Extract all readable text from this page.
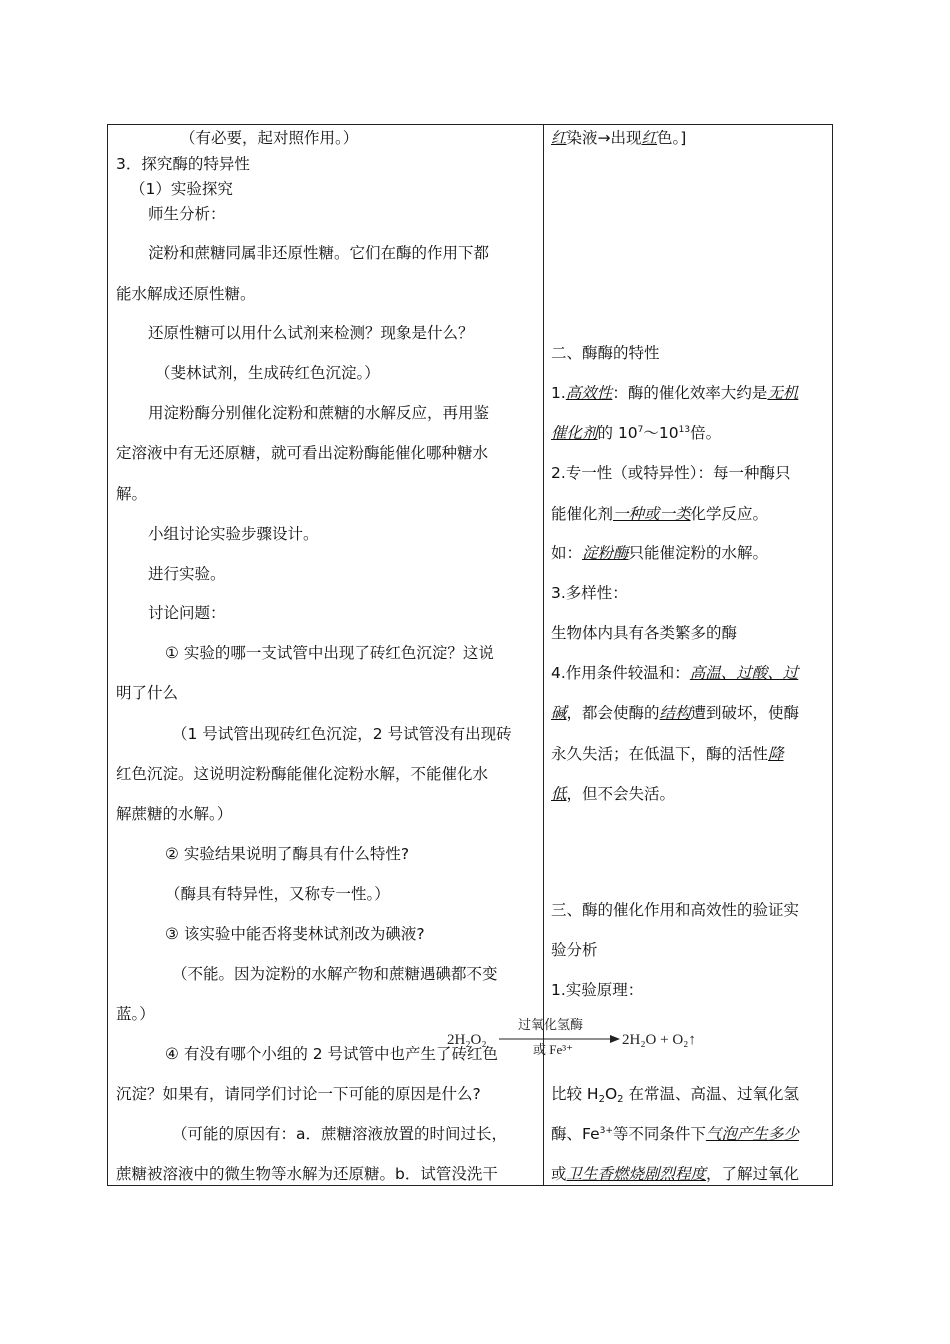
（有必要，起对照作用。）
3．探究酶的特异性
（1）实验探究
师生分析：
淀粉和蔗糖同属非还原性糖。它们在酶的作用下都
能水解成还原性糖。
还原性糖可以用什么试剂来检测？现象是什么？
（斐林试剂，生成砖红色沉淀。）
用淀粉酶分别催化淀粉和蔗糖的水解反应，再用鉴
定溶液中有无还原糖，就可看出淀粉酶能催化哪种糖水
解。
小组讨论实验步骤设计。
进行实验。
讨论问题：
① 实验的哪一支试管中出现了砖红色沉淀？这说
明了什么
（1 号试管出现砖红色沉淀，2 号试管没有出现砖
红色沉淀。这说明淀粉酶能催化淀粉水解，不能催化水
解蔗糖的水解。）
② 实验结果说明了酶具有什么特性?
（酶具有特异性，又称专一性。）
③ 该实验中能否将斐林试剂改为碘液?
（不能。因为淀粉的水解产物和蔗糖遇碘都不变
蓝。）
④ 有没有哪个小组的 2 号试管中也产生了砖红色
沉淀？如果有，请同学们讨论一下可能的原因是什么?
（可能的原因有：a．蔗糖溶液放置的时间过长，
蔗糖被溶液中的微生物等水解为还原糖。b．试管没洗干
红染液→出现红色。]
二、酶酶的特性
1.高效性：酶的催化效率大约是无机
催化剂的 $10^7\sim 10^{13}$倍。
2.专一性（或特异性）：每一种酶只
能催化剂一种或一类化学反应。
如：淀粉酶只能催淀粉的水解。
3.多样性：
生物体内具有各类繁多的酶
4.作用条件较温和：高温、过酸、过
碱，都会使酶的结构遭到破坏，使酶
永久失活；在低温下，酶的活性降
低，但不会失活。
三、酶的催化作用和高效性的验证实
验分析
1.实验原理：
2H₂O₂
过氧化氢酶
或 Fe³⁺
2H₂O + O₂↑
比较 $H_2O_2$ 在常温、高温、过氧化氢
酶、$Fe^{3+}$等不同条件下气泡产生多少
或卫生香燃烧剧烈程度，了解过氧化
